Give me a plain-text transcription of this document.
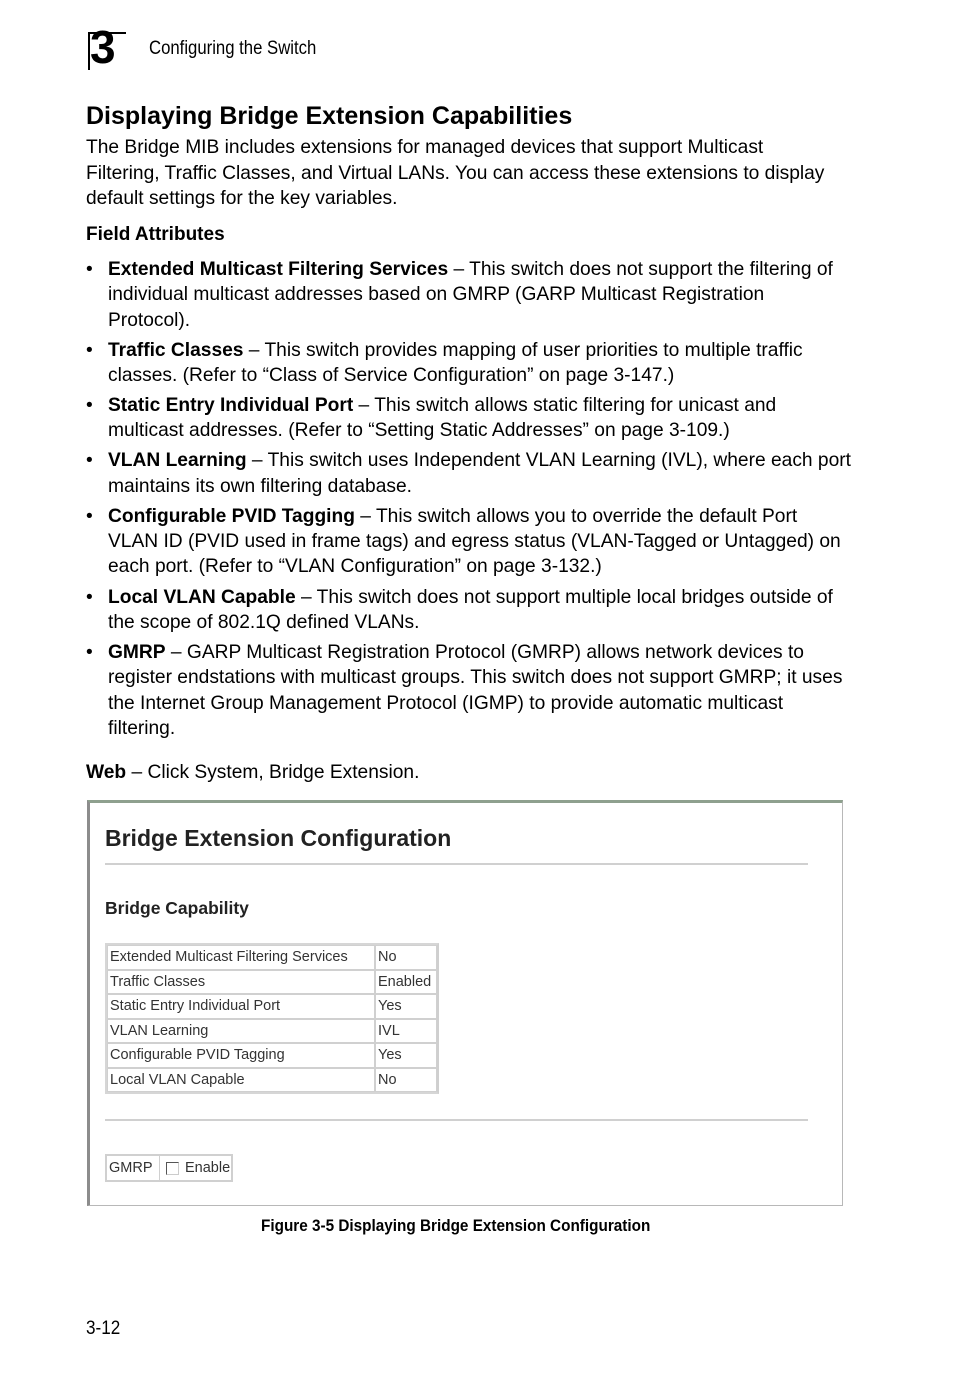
3 Configuring the Switch
Displaying Bridge Extension Capabilities

The Bridge MIB includes extensions for managed devices that support Multicast Filtering, Traffic Classes, and Virtual LANs. You can access these extensions to display default settings for the key variables.

Field Attributes

• Extended Multicast Filtering Services – This switch does not support the filtering of individual multicast addresses based on GMRP (GARP Multicast Registration Protocol).
• Traffic Classes – This switch provides mapping of user priorities to multiple traffic classes. (Refer to “Class of Service Configuration” on page 3-147.)
• Static Entry Individual Port – This switch allows static filtering for unicast and multicast addresses. (Refer to “Setting Static Addresses” on page 3-109.)
• VLAN Learning – This switch uses Independent VLAN Learning (IVL), where each port maintains its own filtering database.
• Configurable PVID Tagging – This switch allows you to override the default Port VLAN ID (PVID used in frame tags) and egress status (VLAN-Tagged or Untagged) on each port. (Refer to “VLAN Configuration” on page 3-132.)
• Local VLAN Capable – This switch does not support multiple local bridges outside of the scope of 802.1Q defined VLANs.
• GMRP – GARP Multicast Registration Protocol (GMRP) allows network devices to register endstations with multicast groups. This switch does not support GMRP; it uses the Internet Group Management Protocol (IGMP) to provide automatic multicast filtering.

Web – Click System, Bridge Extension.

Bridge Extension Configuration
Bridge Capability
Extended Multicast Filtering Services	No
Traffic Classes	Enabled
Static Entry Individual Port	Yes
VLAN Learning	IVL
Configurable PVID Tagging	Yes
Local VLAN Capable	No
GMRP	Enable
Figure 3-5 Displaying Bridge Extension Configuration
3-12
